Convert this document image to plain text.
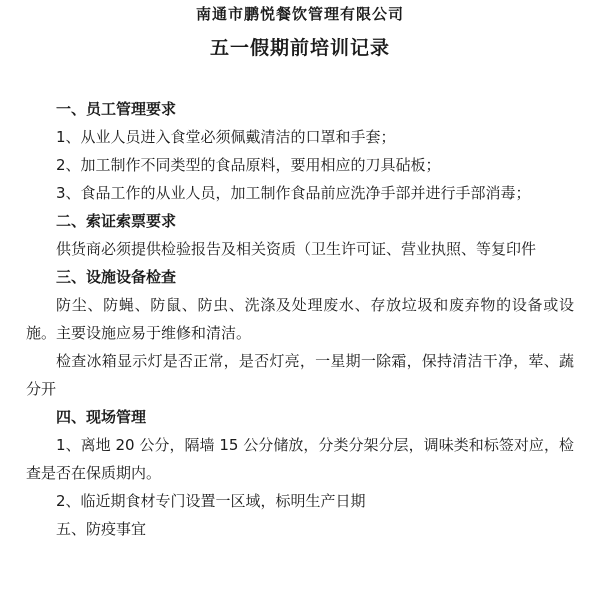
南通市鹏悦餐饮管理有限公司
五一假期前培训记录
一、员工管理要求
1、从业人员进入食堂必须佩戴清洁的口罩和手套；
2、加工制作不同类型的食品原料，要用相应的刀具砧板；
3、食品工作的从业人员，加工制作食品前应洗净手部并进行手部消毒；
二、索证索票要求
供货商必须提供检验报告及相关资质（卫生许可证、营业执照、等复印件
三、设施设备检查
防尘、防蝇、防鼠、防虫、洗涤及处理废水、存放垃圾和废弃物的设备或设施。主要设施应易于维修和清洁。
检查冰箱显示灯是否正常，是否灯亮，一星期一除霜，保持清洁干净，荤、蔬分开
四、现场管理
1、离地 20 公分，隔墙 15 公分储放，分类分架分层，调味类和标签对应，检查是否在保质期内。
2、临近期食材专门设置一区域，标明生产日期
五、防疫事宜
